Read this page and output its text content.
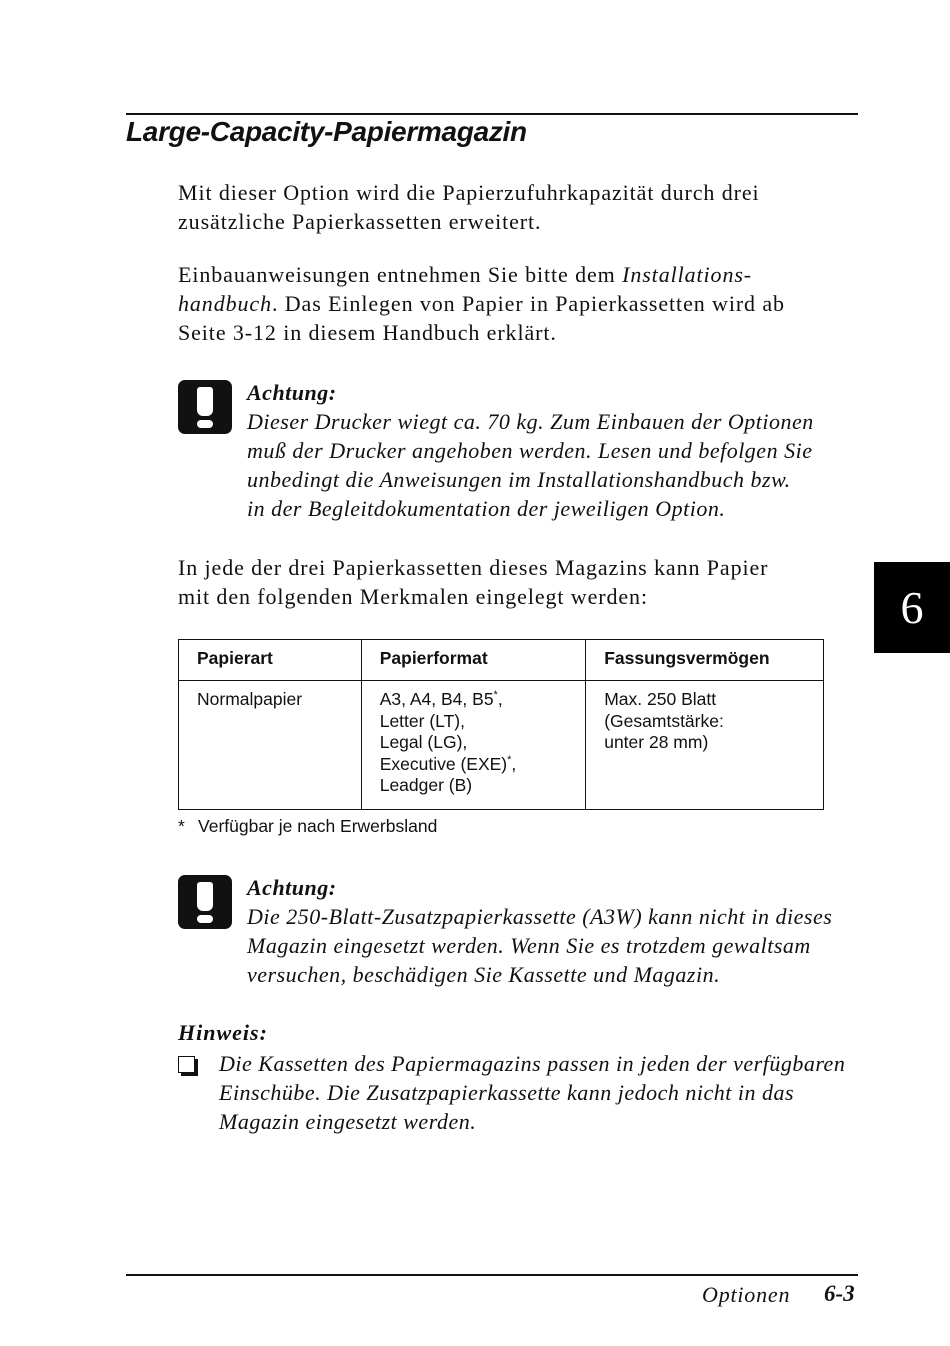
Large-Capacity-Papiermagazin

Mit dieser Option wird die Papierzufuhrkapazität durch drei
zusätzliche Papierkassetten erweitert.

Einbauanweisungen entnehmen Sie bitte dem Installations-
handbuch. Das Einlegen von Papier in Papierkassetten wird ab
Seite 3-12 in diesem Handbuch erklärt.

Achtung:
Dieser Drucker wiegt ca. 70 kg. Zum Einbauen der Optionen
muß der Drucker angehoben werden. Lesen und befolgen Sie
unbedingt die Anweisungen im Installationshandbuch bzw.
in der Begleitdokumentation der jeweiligen Option.

In jede der drei Papierkassetten dieses Magazins kann Papier
mit den folgenden Merkmalen eingelegt werden:	6
Papierart	Papierformat	Fassungsvermögen
Normalpapier	A3, A4, B4, B5*,
Letter (LT),
Legal (LG),
Executive (EXE)*,
Leadger (B)	Max. 250 Blatt
(Gesamtstärke:
unter 28 mm)
* Verfügbar je nach Erwerbsland
Achtung:
Die 250-Blatt-Zusatzpapierkassette (A3W) kann nicht in dieses
Magazin eingesetzt werden. Wenn Sie es trotzdem gewaltsam
versuchen, beschädigen Sie Kassette und Magazin.
Hinweis:
Die Kassetten des Papiermagazins passen in jeden der verfügbaren
Einschübe. Die Zusatzpapierkassette kann jedoch nicht in das
Magazin eingesetzt werden.
Optionen 6-3
